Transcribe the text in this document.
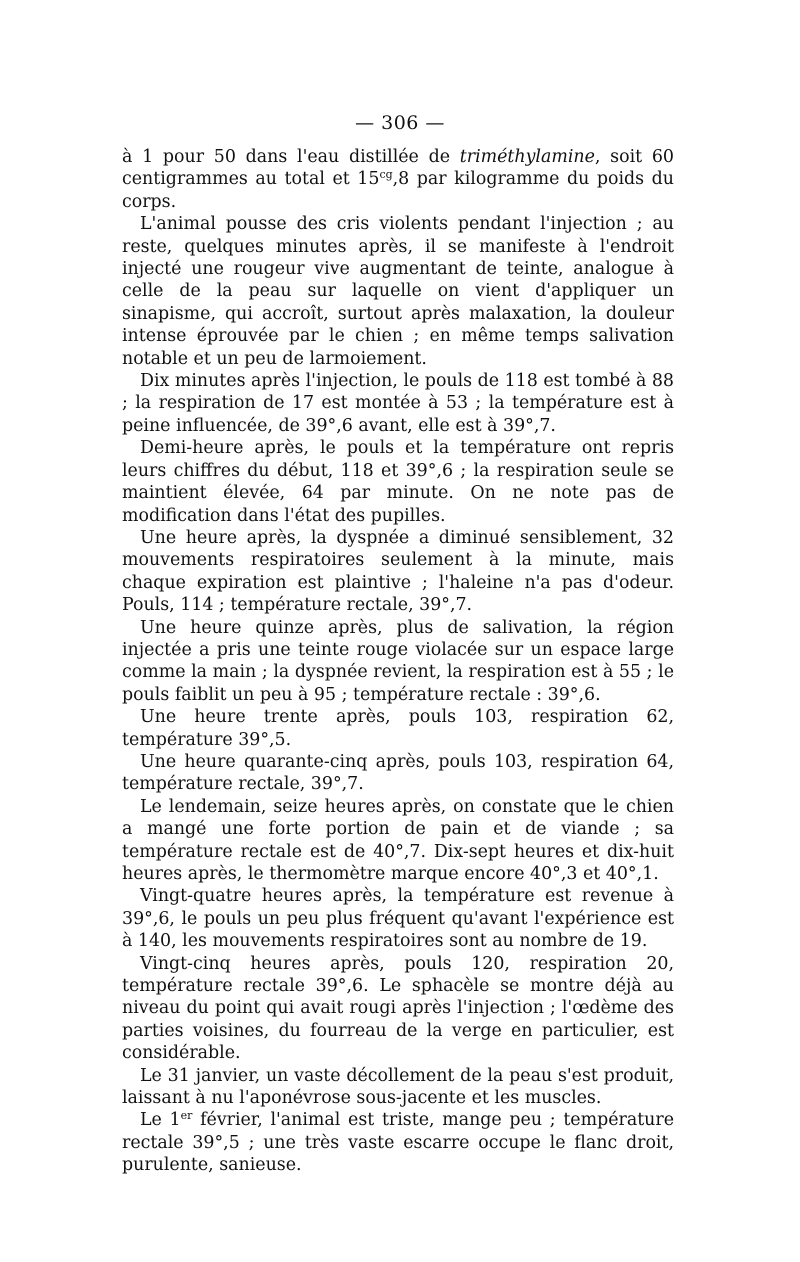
— 306 —

à 1 pour 50 dans l'eau distillée de triméthylamine, soit 60 centigrammes au total et $15^{cg},8$ par kilogramme du poids du corps.

L'animal pousse des cris violents pendant l'injection ; au reste, quelques minutes après, il se manifeste à l'endroit injecté une rougeur vive augmentant de teinte, analogue à celle de la peau sur laquelle on vient d'appliquer un sinapisme, qui accroît, surtout après malaxation, la douleur intense éprouvée par le chien ; en même temps salivation notable et un peu de larmoiement.

Dix minutes après l'injection, le pouls de 118 est tombé à 88 ; la respiration de 17 est montée à 53 ; la température est à peine influencée, de 39°,6 avant, elle est à 39°,7.

Demi-heure après, le pouls et la température ont repris leurs chiffres du début, 118 et 39°,6 ; la respiration seule se maintient élevée, 64 par minute. On ne note pas de modification dans l'état des pupilles.

Une heure après, la dyspnée a diminué sensiblement, 32 mouvements respiratoires seulement à la minute, mais chaque expiration est plaintive ; l'haleine n'a pas d'odeur. Pouls, 114 ; température rectale, 39°,7.

Une heure quinze après, plus de salivation, la région injectée a pris une teinte rouge violacée sur un espace large comme la main ; la dyspnée revient, la respiration est à 55 ; le pouls faiblit un peu à 95 ; température rectale : 39°,6.

Une heure trente après, pouls 103, respiration 62, température 39°,5.

Une heure quarante-cinq après, pouls 103, respiration 64, température rectale, 39°,7.

Le lendemain, seize heures après, on constate que le chien a mangé une forte portion de pain et de viande ; sa température rectale est de 40°,7. Dix-sept heures et dix-huit heures après, le thermomètre marque encore 40°,3 et 40°,1.

Vingt-quatre heures après, la température est revenue à 39°,6, le pouls un peu plus fréquent qu'avant l'expérience est à 140, les mouvements respiratoires sont au nombre de 19.

Vingt-cinq heures après, pouls 120, respiration 20, température rectale 39°,6. Le sphacèle se montre déjà au niveau du point qui avait rougi après l'injection ; l'œdème des parties voisines, du fourreau de la verge en particulier, est considérable.

Le 31 janvier, un vaste décollement de la peau s'est produit, laissant à nu l'aponévrose sous-jacente et les muscles.

Le 1er février, l'animal est triste, mange peu ; température rectale 39°,5 ; une très vaste escarre occupe le flanc droit, purulente, sanieuse.
